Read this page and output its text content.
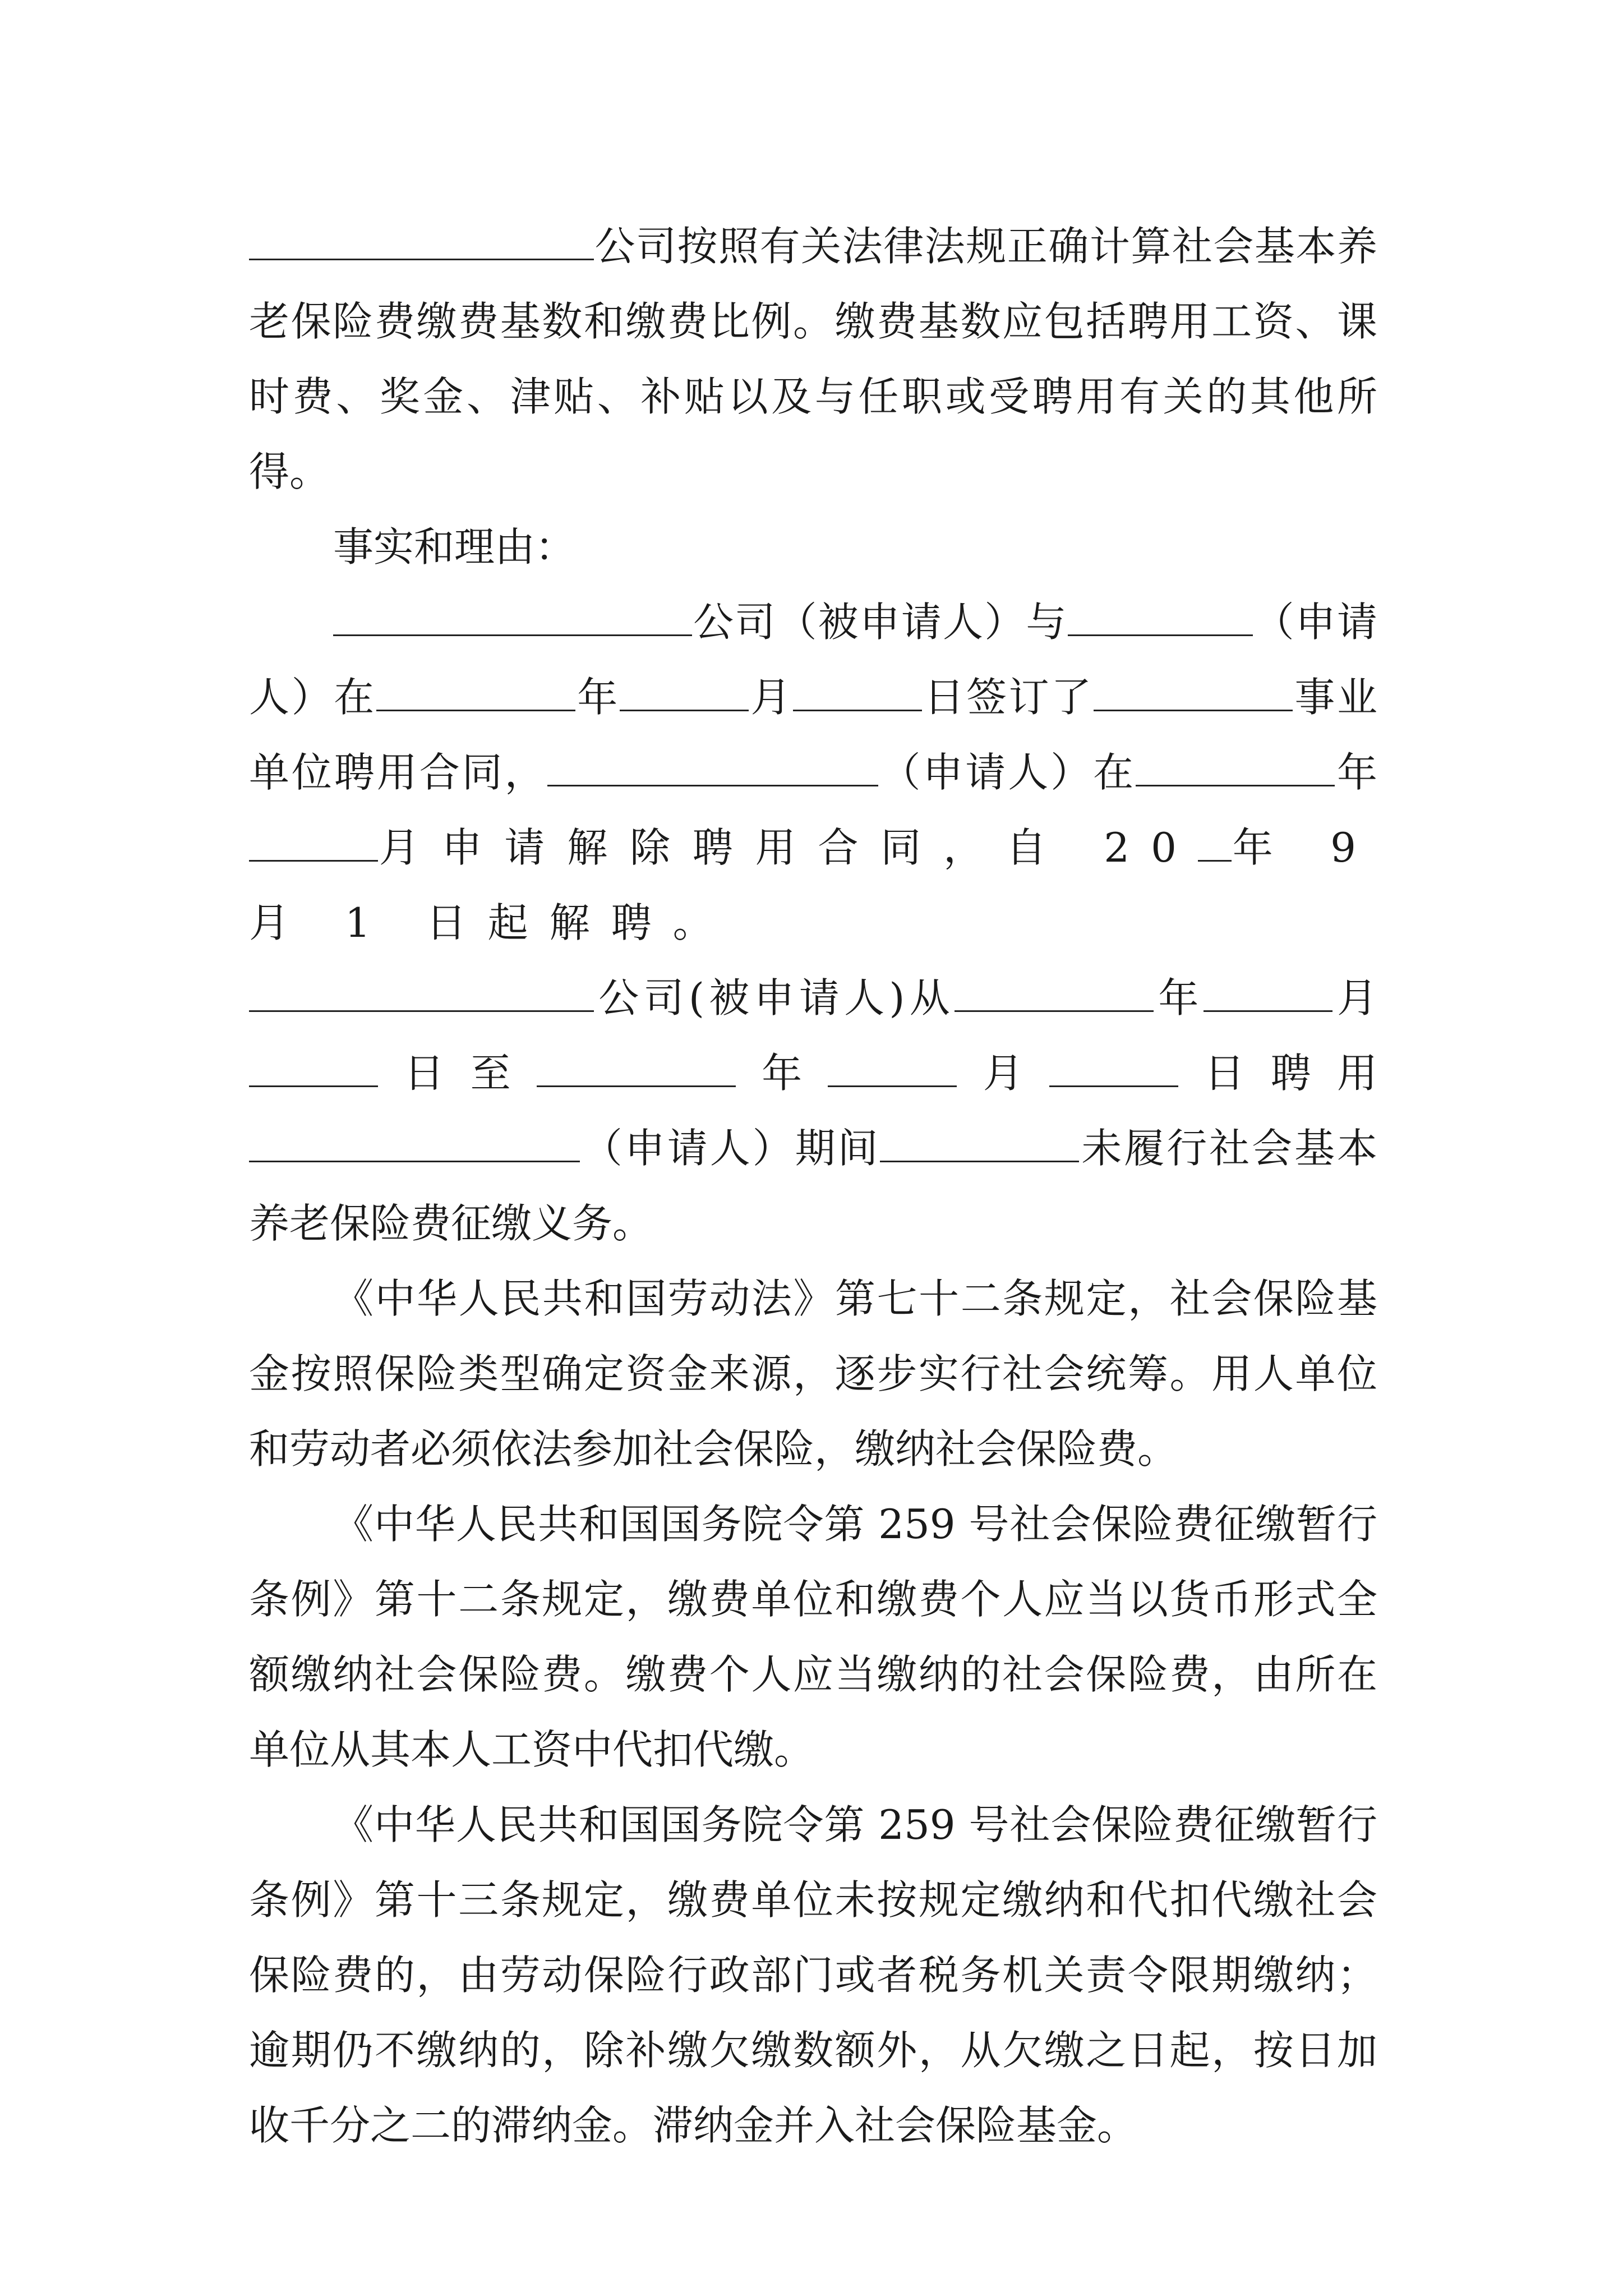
公司按照有关法律法规正确计算社会基本养老保险费缴费基数和缴费比例。缴费基数应包括聘用工资、课时费、奖金、津贴、补贴以及与任职或受聘用有关的其他所得。

事实和理由：

公司（被申请人）与	（申请人）在	年	月	日签订了	事业单位聘用合同，	（申请人）在	年月申请解除聘用合同，自 20 年 9 月 1 日起解聘。

公司(被申请人)从	年	月日至	年	月	日聘用（申请人）期间	未履行社会基本养老保险费征缴义务。

《中华人民共和国劳动法》第七十二条规定，社会保险基金按照保险类型确定资金来源，逐步实行社会统筹。用人单位和劳动者必须依法参加社会保险，缴纳社会保险费。

《中华人民共和国国务院令第 259 号社会保险费征缴暂行条例》第十二条规定，缴费单位和缴费个人应当以货币形式全额缴纳社会保险费。缴费个人应当缴纳的社会保险费，由所在单位从其本人工资中代扣代缴。

《中华人民共和国国务院令第 259 号社会保险费征缴暂行条例》第十三条规定，缴费单位未按规定缴纳和代扣代缴社会保险费的，由劳动保险行政部门或者税务机关责令限期缴纳；逾期仍不缴纳的，除补缴欠缴数额外，从欠缴之日起，按日加收千分之二的滞纳金。滞纳金并入社会保险基金。
